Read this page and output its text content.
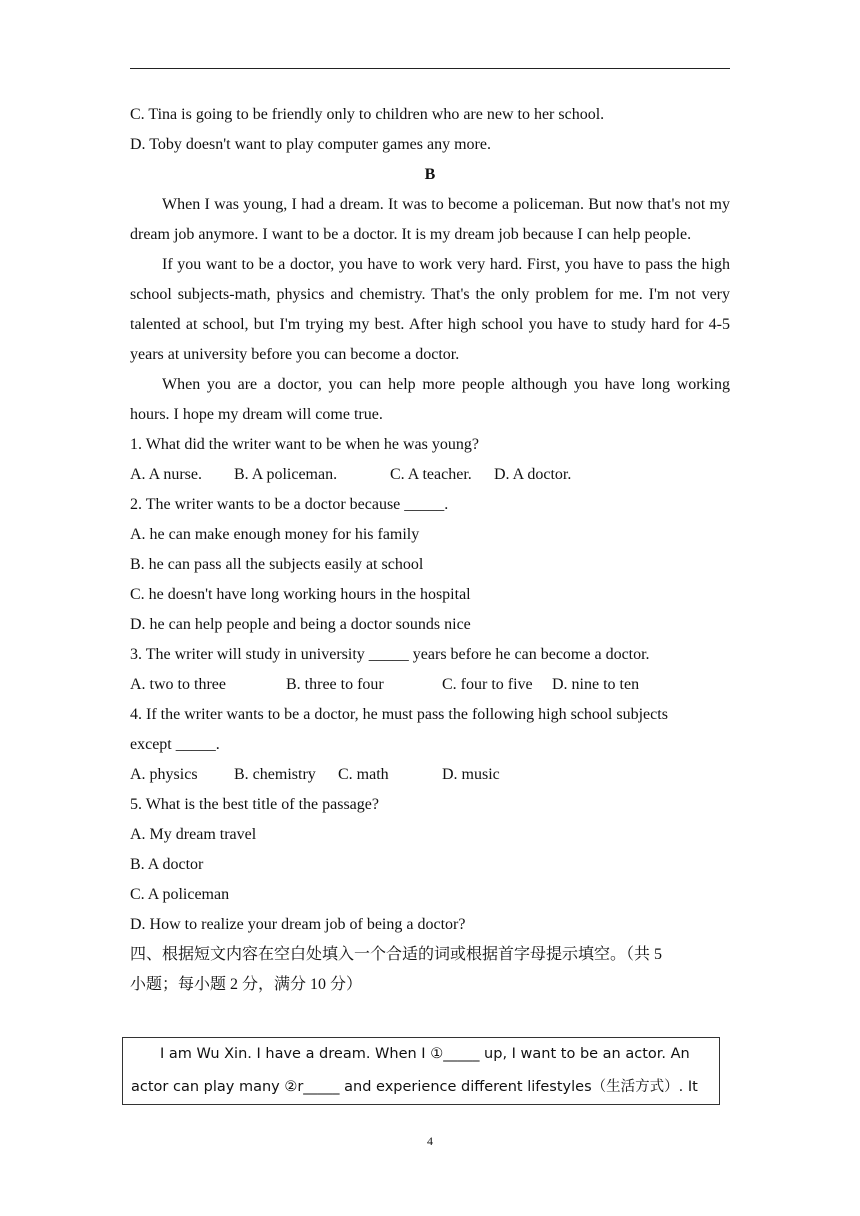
C. Tina is going to be friendly only to children who are new to her school.
D. Toby doesn't want to play computer games any more.
B
When I was young, I had a dream. It was to become a policeman. But now that's not my dream job anymore. I want to be a doctor. It is my dream job because I can help people.
If you want to be a doctor, you have to work very hard. First, you have to pass the high school subjects-math, physics and chemistry. That's the only problem for me. I'm not very talented at school, but I'm trying my best. After high school you have to study hard for 4-5 years at university before you can become a doctor.
When you are a doctor, you can help more people although you have long working hours. I hope my dream will come true.
1. What did the writer want to be when he was young?
A. A nurse. B. A policeman.	C. A teacher. D. A doctor.
2. The writer wants to be a doctor because _____.
A. he can make enough money for his family
B. he can pass all the subjects easily at school
C. he doesn't have long working hours in the hospital
D. he can help people and being a doctor sounds nice
3. The writer will study in university _____ years before he can become a doctor.
A. two to three	B. three to four	C. four to five D. nine to ten
4. If the writer wants to be a doctor, he must pass the following high school subjects
except _____.
A. physics B. chemistry C. math	D. music
5. What is the best title of the passage?
A. My dream travel
B. A doctor
C. A policeman
D. How to realize your dream job of being a doctor?
四、根据短文内容在空白处填入一个合适的词或根据首字母提示填空。（共 5
小题；每小题 2 分，满分 10 分）
I am Wu Xin. I have a dream. When I ①_____ up, I want to be an actor. An
actor can play many ②r_____ and experience different lifestyles（生活方式）. It
4
